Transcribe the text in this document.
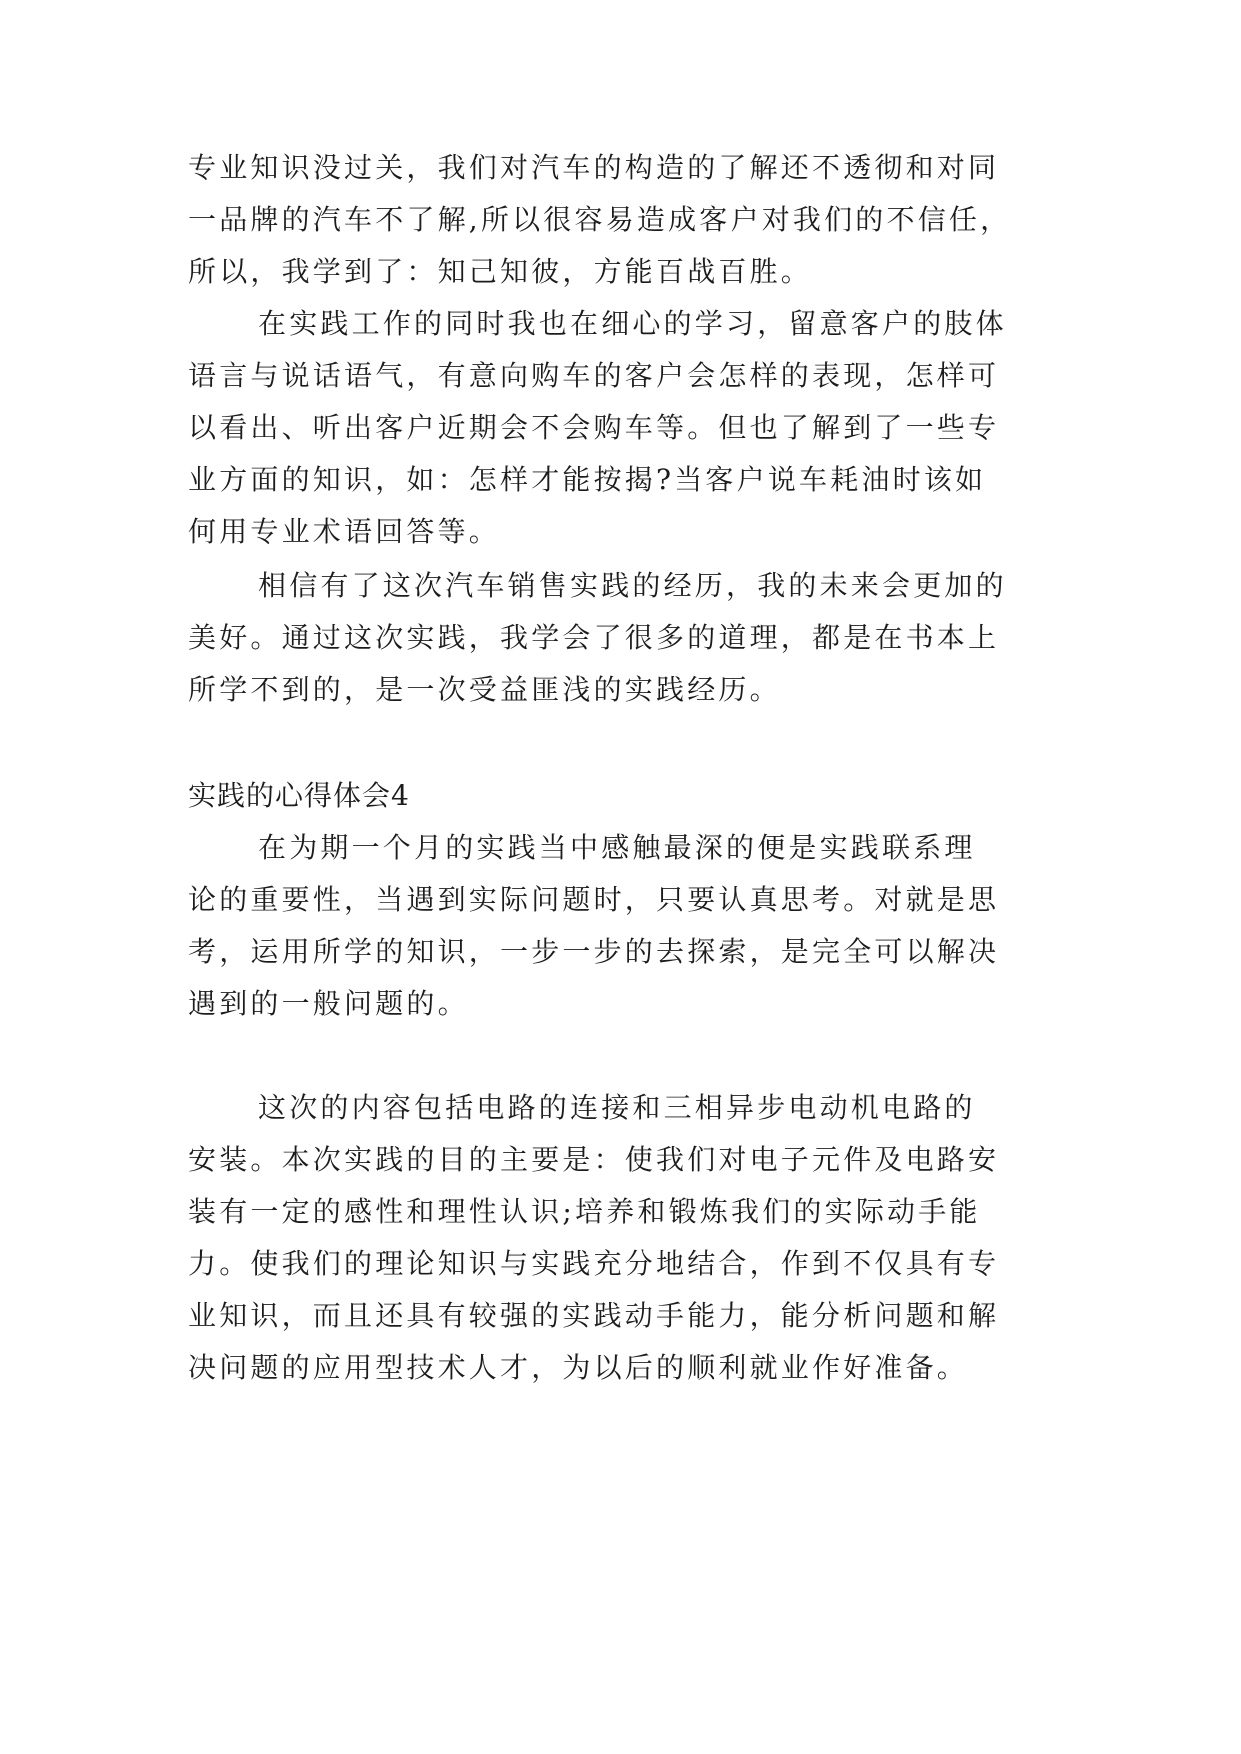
专业知识没过关，我们对汽车的构造的了解还不透彻和对同

一品牌的汽车不了解,所以很容易造成客户对我们的不信任，

所以，我学到了：知己知彼，方能百战百胜。

在实践工作的同时我也在细心的学习，留意客户的肢体

语言与说话语气，有意向购车的客户会怎样的表现，怎样可

以看出、听出客户近期会不会购车等。但也了解到了一些专

业方面的知识，如：怎样才能按揭?当客户说车耗油时该如

何用专业术语回答等。

相信有了这次汽车销售实践的经历，我的未来会更加的

美好。通过这次实践，我学会了很多的道理，都是在书本上

所学不到的，是一次受益匪浅的实践经历。

实践的心得体会4

在为期一个月的实践当中感触最深的便是实践联系理

论的重要性，当遇到实际问题时，只要认真思考。对就是思

考，运用所学的知识，一步一步的去探索，是完全可以解决

遇到的一般问题的。

这次的内容包括电路的连接和三相异步电动机电路的

安装。本次实践的目的主要是：使我们对电子元件及电路安

装有一定的感性和理性认识;培养和锻炼我们的实际动手能

力。使我们的理论知识与实践充分地结合，作到不仅具有专

业知识，而且还具有较强的实践动手能力，能分析问题和解

决问题的应用型技术人才，为以后的顺利就业作好准备。
